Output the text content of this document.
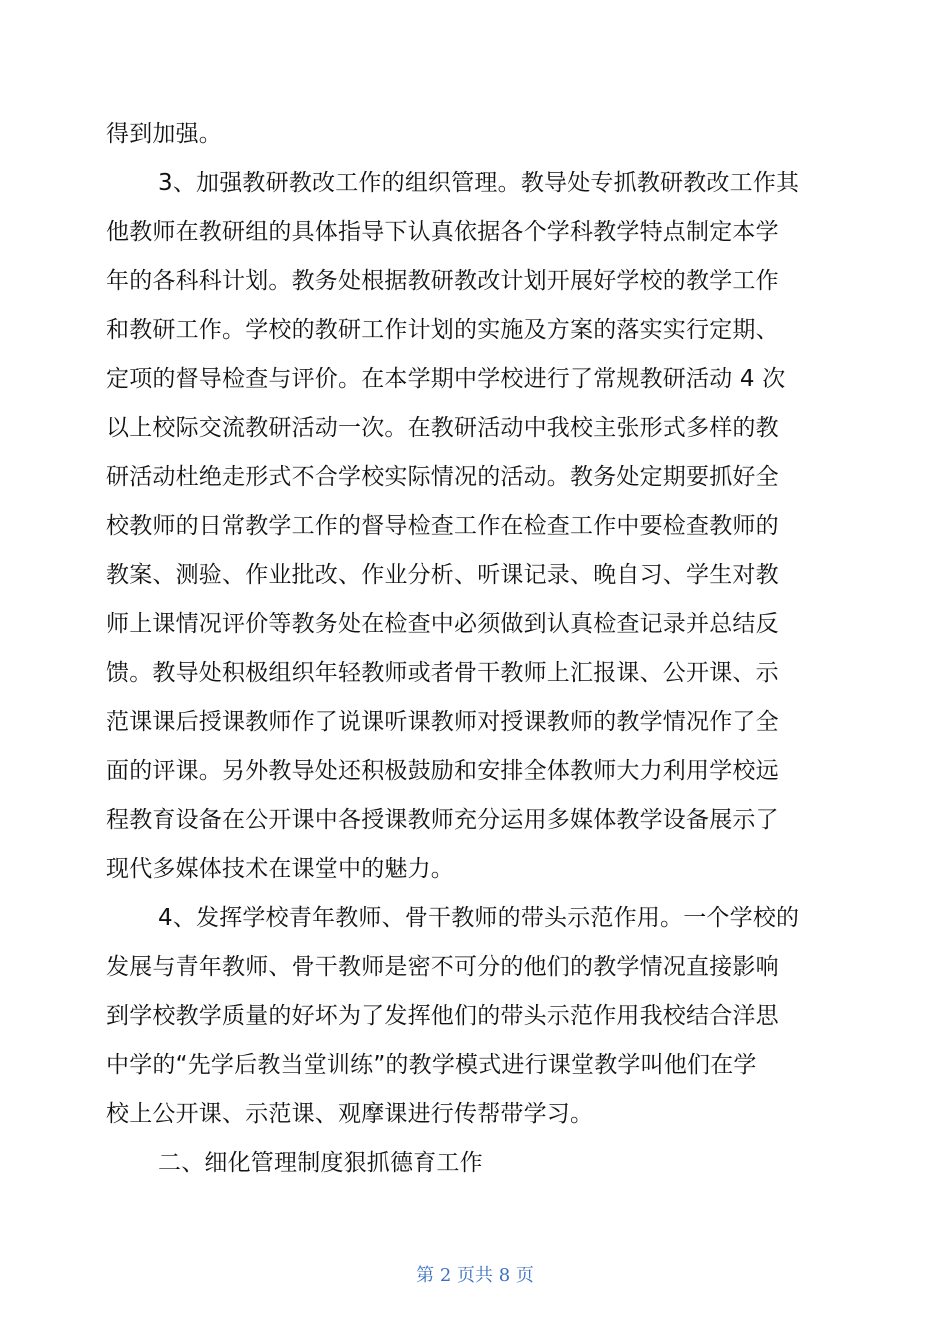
得到加强。
3、加强教研教改工作的组织管理。教导处专抓教研教改工作其
他教师在教研组的具体指导下认真依据各个学科教学特点制定本学
年的各科科计划。教务处根据教研教改计划开展好学校的教学工作
和教研工作。学校的教研工作计划的实施及方案的落实实行定期、
定项的督导检查与评价。在本学期中学校进行了常规教研活动 4 次
以上校际交流教研活动一次。在教研活动中我校主张形式多样的教
研活动杜绝走形式不合学校实际情况的活动。教务处定期要抓好全
校教师的日常教学工作的督导检查工作在检查工作中要检查教师的
教案、测验、作业批改、作业分析、听课记录、晚自习、学生对教
师上课情况评价等教务处在检查中必须做到认真检查记录并总结反
馈。教导处积极组织年轻教师或者骨干教师上汇报课、公开课、示
范课课后授课教师作了说课听课教师对授课教师的教学情况作了全
面的评课。另外教导处还积极鼓励和安排全体教师大力利用学校远
程教育设备在公开课中各授课教师充分运用多媒体教学设备展示了
现代多媒体技术在课堂中的魅力。
4、发挥学校青年教师、骨干教师的带头示范作用。一个学校的
发展与青年教师、骨干教师是密不可分的他们的教学情况直接影响
到学校教学质量的好坏为了发挥他们的带头示范作用我校结合洋思
中学的“先学后教当堂训练”的教学模式进行课堂教学叫他们在学
校上公开课、示范课、观摩课进行传帮带学习。
二、细化管理制度狠抓德育工作
第 2 页共 8 页
